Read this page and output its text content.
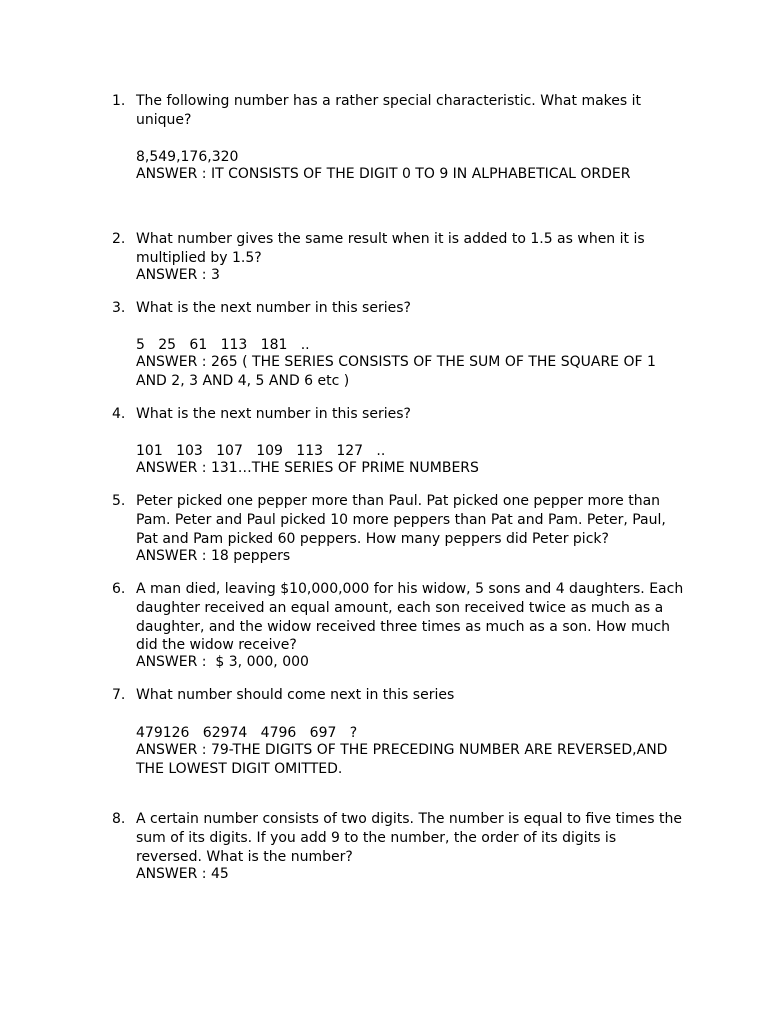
1. The following number has a rather special characteristic. What makes it
unique?
8,549,176,320
ANSWER : IT CONSISTS OF THE DIGIT 0 TO 9 IN ALPHABETICAL ORDER
2. What number gives the same result when it is added to 1.5 as when it is
multiplied by 1.5?
ANSWER : 3
3. What is the next number in this series?
5   25   61   113   181   ..
ANSWER : 265 ( THE SERIES CONSISTS OF THE SUM OF THE SQUARE OF 1
AND 2, 3 AND 4, 5 AND 6 etc )
4. What is the next number in this series?
101   103   107   109   113   127   ..
ANSWER : 131…THE SERIES OF PRIME NUMBERS
5. Peter picked one pepper more than Paul. Pat picked one pepper more than
Pam. Peter and Paul picked 10 more peppers than Pat and Pam. Peter, Paul,
Pat and Pam picked 60 peppers. How many peppers did Peter pick?
ANSWER : 18 peppers
6. A man died, leaving $10,000,000 for his widow, 5 sons and 4 daughters. Each
daughter received an equal amount, each son received twice as much as a
daughter, and the widow received three times as much as a son. How much
did the widow receive?
ANSWER :  $ 3, 000, 000
7. What number should come next in this series
479126   62974   4796   697   ?
ANSWER : 79-THE DIGITS OF THE PRECEDING NUMBER ARE REVERSED,AND
THE LOWEST DIGIT OMITTED.
8. A certain number consists of two digits. The number is equal to five times the
sum of its digits. If you add 9 to the number, the order of its digits is
reversed. What is the number?
ANSWER : 45
